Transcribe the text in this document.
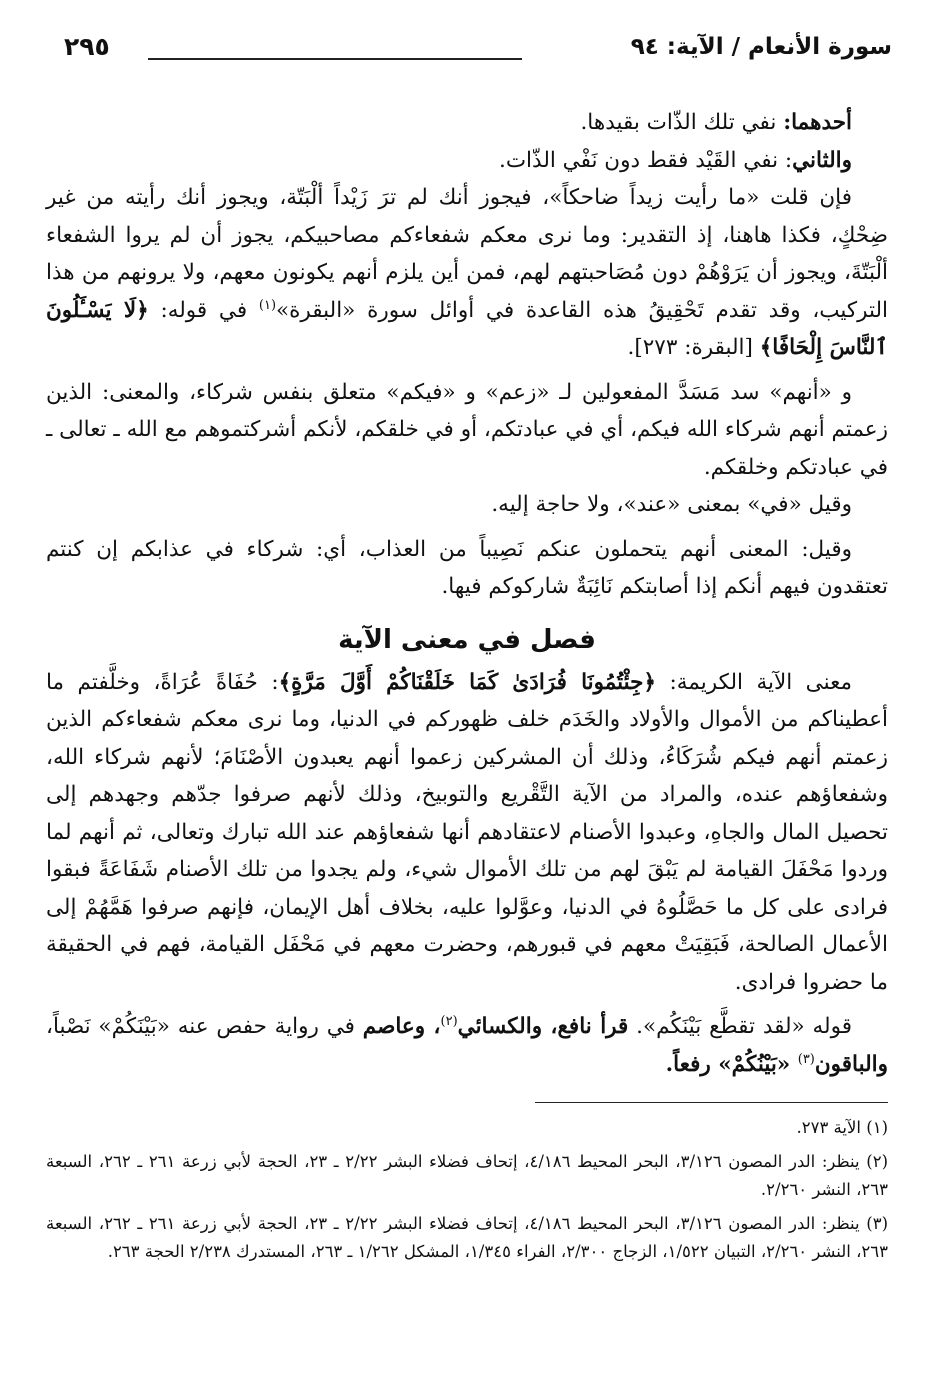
سورة الأنعام / الآية: ٩٤
٢٩٥

أحدهما: نفي تلك الذّات بقيدها.

والثاني: نفي القَيْد فقط دون نَفْي الذّات.

فإن قلت «ما رأيت زيداً ضاحكاً»، فيجوز أنك لم ترَ زَيْداً ألْبَتّة، ويجوز أنك رأيته من غير ضِحْكٍ، فكذا هاهنا، إذ التقدير: وما نرى معكم شفعاءكم مصاحبيكم، يجوز أن لم يروا الشفعاء ألْبَتّةَ، ويجوز أن يَرَوْهُمْ دون مُصَاحبتهم لهم، فمن أين يلزم أنهم يكونون معهم، ولا يرونهم من هذا التركيب، وقد تقدم تَحْقِيقُ هذه القاعدة في أوائل سورة «البقرة»$^{(١)}$ في قوله: ﴿لَا يَسْـَٔلُونَ ٱلنَّاسَ إِلْحَافًا﴾ [البقرة: ٢٧٣].

و «أنهم» سد مَسَدَّ المفعولين لـ «زعم» و «فيكم» متعلق بنفس شركاء، والمعنى: الذين زعمتم أنهم شركاء الله فيكم، أي في عبادتكم، أو في خلقكم، لأنكم أشركتموهم مع الله ـ تعالى ـ في عبادتكم وخلقكم.

وقيل «في» بمعنى «عند»، ولا حاجة إليه.

وقيل: المعنى أنهم يتحملون عنكم نَصِيباً من العذاب، أي: شركاء في عذابكم إن كنتم تعتقدون فيهم أنكم إذا أصابتكم نَائِبَةٌ شاركوكم فيها.

فصل في معنى الآية

معنى الآية الكريمة: ﴿جِئْتُمُونَا فُرَادَىٰ كَمَا خَلَقْنَاكُمْ أَوَّلَ مَرَّةٍ﴾: حُفَاةً عُرَاةً، وخلَّفتم ما أعطيناكم من الأموال والأولاد والخَدَم خلف ظهوركم في الدنيا، وما نرى معكم شفعاءكم الذين زعمتم أنهم فيكم شُرَكَاءُ، وذلك أن المشركين زعموا أنهم يعبدون الأصْنَامَ؛ لأنهم شركاء الله، وشفعاؤهم عنده، والمراد من الآية التَّقْريع والتوبيخ، وذلك لأنهم صرفوا جدّهم وجهدهم إلى تحصيل المال والجاهِ، وعبدوا الأصنام لاعتقادهم أنها شفعاؤهم عند الله تبارك وتعالى، ثم أنهم لما وردوا مَحْفَلَ القيامة لم يَبْقَ لهم من تلك الأموال شيء، ولم يجدوا من تلك الأصنام شَفَاعَةً فبقوا فرادى على كل ما حَصَّلُوهُ في الدنيا، وعوَّلوا عليه، بخلاف أهل الإيمان، فإنهم صرفوا هَمَّهُمْ إلى الأعمال الصالحة، فَبَقِيَتْ معهم في قبورهم، وحضرت معهم في مَحْفَل القيامة، فهم في الحقيقة ما حضروا فرادى.

قوله «لقد تقطَّع بَيْنَكُم». قرأ نافع، والكسائي$^{(٢)}$، وعاصم في رواية حفص عنه «بَيْنَكُمْ» نَصْباً، والباقون$^{(٣)}$ «بَيْنُكُمْ» رفعاً.

(١) الآية ٢٧٣.

(٢) ينظر: الدر المصون ٣/١٢٦، البحر المحيط ٤/١٨٦، إتحاف فضلاء البشر ٢/٢٢ ـ ٢٣، الحجة لأبي زرعة ٢٦١ ـ ٢٦٢، السبعة ٢٦٣، النشر ٢/٢٦٠.

(٣) ينظر: الدر المصون ٣/١٢٦، البحر المحيط ٤/١٨٦، إتحاف فضلاء البشر ٢/٢٢ ـ ٢٣، الحجة لأبي زرعة ٢٦١ ـ ٢٦٢، السبعة ٢٦٣، النشر ٢/٢٦٠، التبيان ١/٥٢٢، الزجاج ٢/٣٠٠، الفراء ١/٣٤٥، المشكل ١/٢٦٢ ـ ٢٦٣، المستدرك ٢/٢٣٨ الحجة ٢٦٣.
